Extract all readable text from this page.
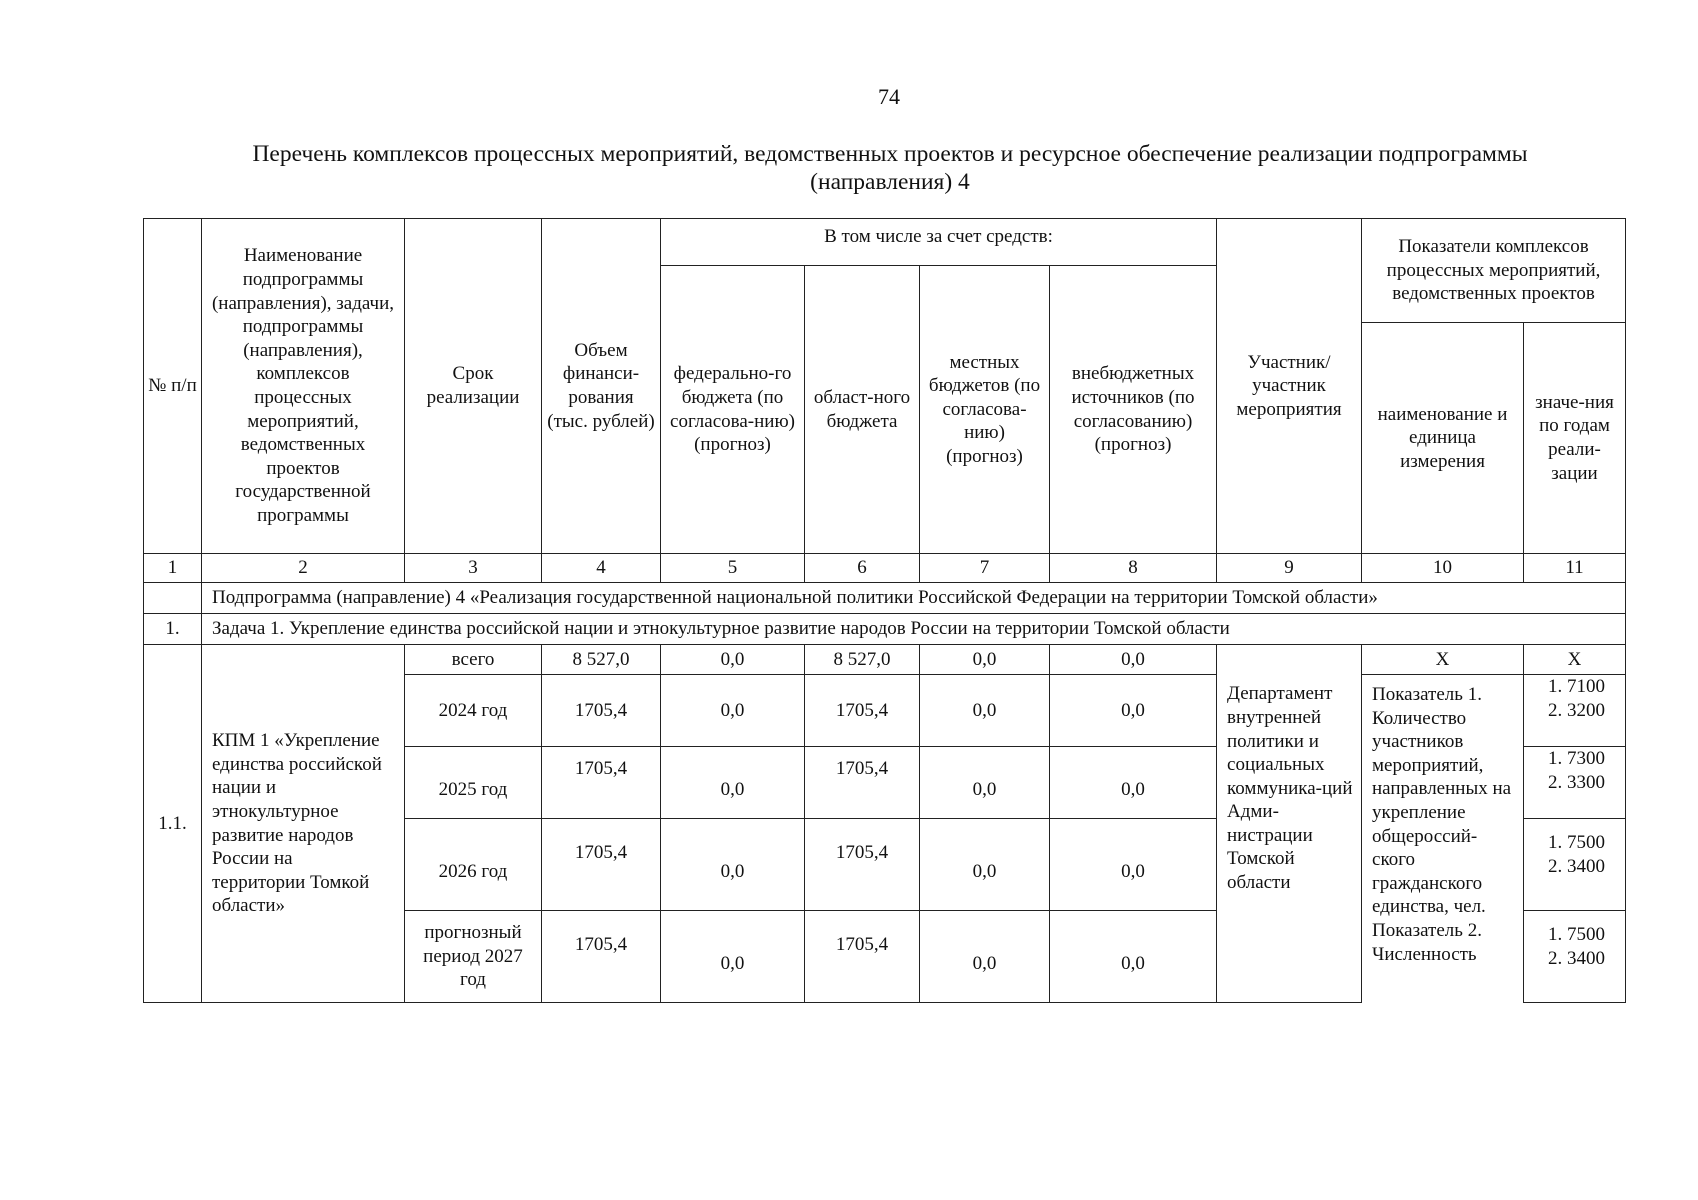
74
Перечень комплексов процессных мероприятий, ведомственных проектов и ресурсное обеспечение реализации подпрограммы
(направления) 4
№ п/п	Наименование подпрограммы (направления), задачи, подпрограммы (направления), комплексов процессных мероприятий, ведомственных проектов государственной программы	Срок реализации	Объем финанси-рования (тыс. рублей)	В том числе за счет средств:				Участник/ участник мероприятия	Показатели комплексов процессных мероприятий, ведомственных проектов	
				федерально-го бюджета (по согласова-нию) (прогноз)	област-ного бюджета	местных бюджетов (по согласова-нию) (прогноз)	внебюджетных источников (по согласованию) (прогноз)			
									наименование и единица измерения	значе-ния по годам реали-зации
1	2	3	4	5	6	7	8	9	10	11
	Подпрограмма (направление) 4 «Реализация государственной национальной политики Российской Федерации на территории Томской области»									
1.	Задача 1. Укрепление единства российской нации и этнокультурное развитие народов России на территории Томской области									
1.1.	КПМ 1 «Укрепление единства российской нации и этнокультурное развитие народов России на территории Томкой области»	всего	8 527,0	0,0	8 527,0	0,0	0,0	Департамент внутренней политики и социальных коммуника-ций Адми-нистрации Томской области	X	X
		2024 год	1705,4	0,0	1705,4	0,0	0,0		Показатель 1. Количество участников мероприятий, направленных на укрепление общероссий-ского гражданского единства, чел. Показатель 2. Численность	1. 7100
2. 3200

		2025 год	1705,4	0,0	1705,4	0,0	0,0			1. 7300
2. 3300

		2026 год	1705,4	0,0	1705,4	0,0	0,0			1. 7500
2. 3400

		прогнозный период 2027 год	1705,4	0,0	1705,4	0,0	0,0			1. 7500
2. 3400
